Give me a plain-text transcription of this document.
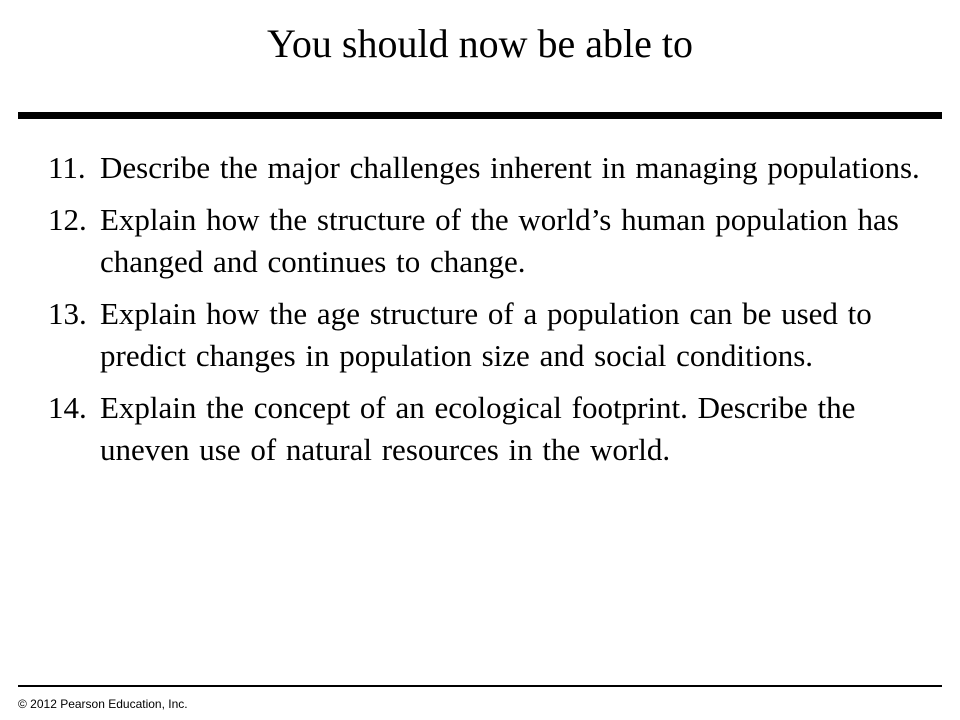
You should now be able to
11. Describe the major challenges inherent in managing populations.
12. Explain how the structure of the world’s human population has changed and continues to change.
13. Explain how the age structure of a population can be used to predict changes in population size and social conditions.
14. Explain the concept of an ecological footprint. Describe the uneven use of natural resources in the world.
© 2012 Pearson Education, Inc.
